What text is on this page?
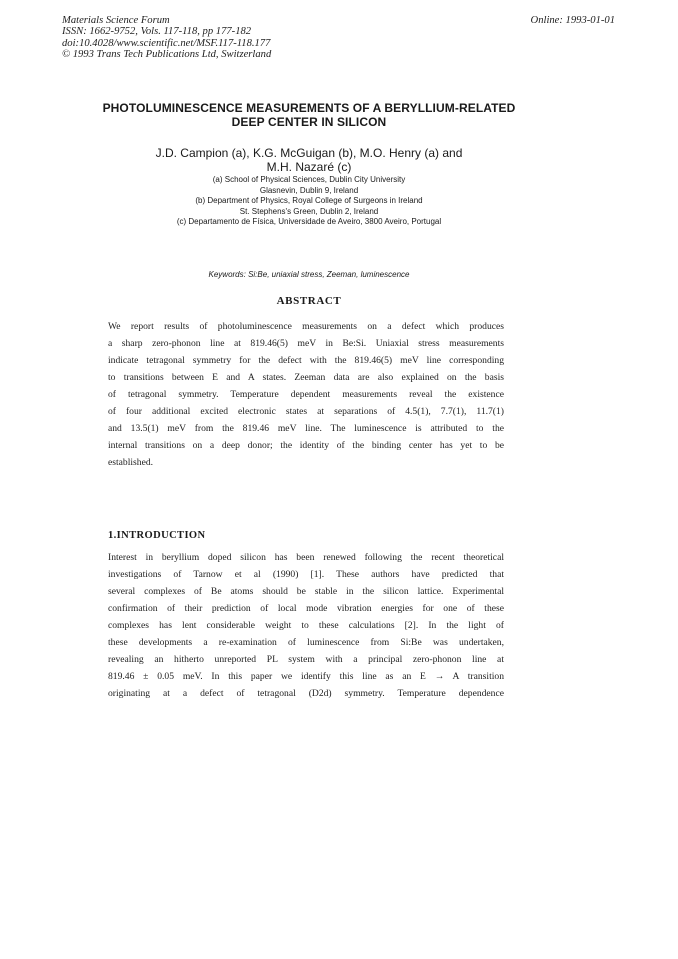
Materials Science Forum
ISSN: 1662-9752, Vols. 117-118, pp 177-182
doi:10.4028/www.scientific.net/MSF.117-118.177
© 1993 Trans Tech Publications Ltd, Switzerland
Online: 1993-01-01
PHOTOLUMINESCENCE MEASUREMENTS OF A BERYLLIUM-RELATED
DEEP CENTER IN SILICON
J.D. Campion (a), K.G. McGuigan (b), M.O. Henry (a) and
M.H. Nazaré (c)
(a) School of Physical Sciences, Dublin City University
Glasnevin, Dublin 9, Ireland
(b) Department of Physics, Royal College of Surgeons in Ireland
St. Stephens's Green, Dublin 2, Ireland
(c) Departamento de Física, Universidade de Aveiro, 3800 Aveiro, Portugal
Keywords: Si:Be, uniaxial stress, Zeeman, luminescence
ABSTRACT
We report results of photoluminescence measurements on a defect which produces
a sharp zero-phonon line at 819.46(5) meV in Be:Si. Uniaxial stress measurements
indicate tetragonal symmetry for the defect with the 819.46(5) meV line corresponding
to transitions between E and A states. Zeeman data are also explained on the basis
of tetragonal symmetry. Temperature dependent measurements reveal the existence
of four additional excited electronic states at separations of 4.5(1), 7.7(1), 11.7(1)
and 13.5(1) meV from the 819.46 meV line. The luminescence is attributed to the
internal transitions on a deep donor; the identity of the binding center has yet to be
established.
1.INTRODUCTION
Interest in beryllium doped silicon has been renewed following the recent theoretical
investigations of Tarnow et al (1990) [1]. These authors have predicted that
several complexes of Be atoms should be stable in the silicon lattice. Experimental
confirmation of their prediction of local mode vibration energies for one of these
complexes has lent considerable weight to these calculations [2]. In the light of
these developments a re-examination of luminescence from Si:Be was undertaken,
revealing an hitherto unreported PL system with a principal zero-phonon line at
819.46 ± 0.05 meV. In this paper we identify this line as an E → A transition
originating at a defect of tetragonal (D2d) symmetry. Temperature dependence
